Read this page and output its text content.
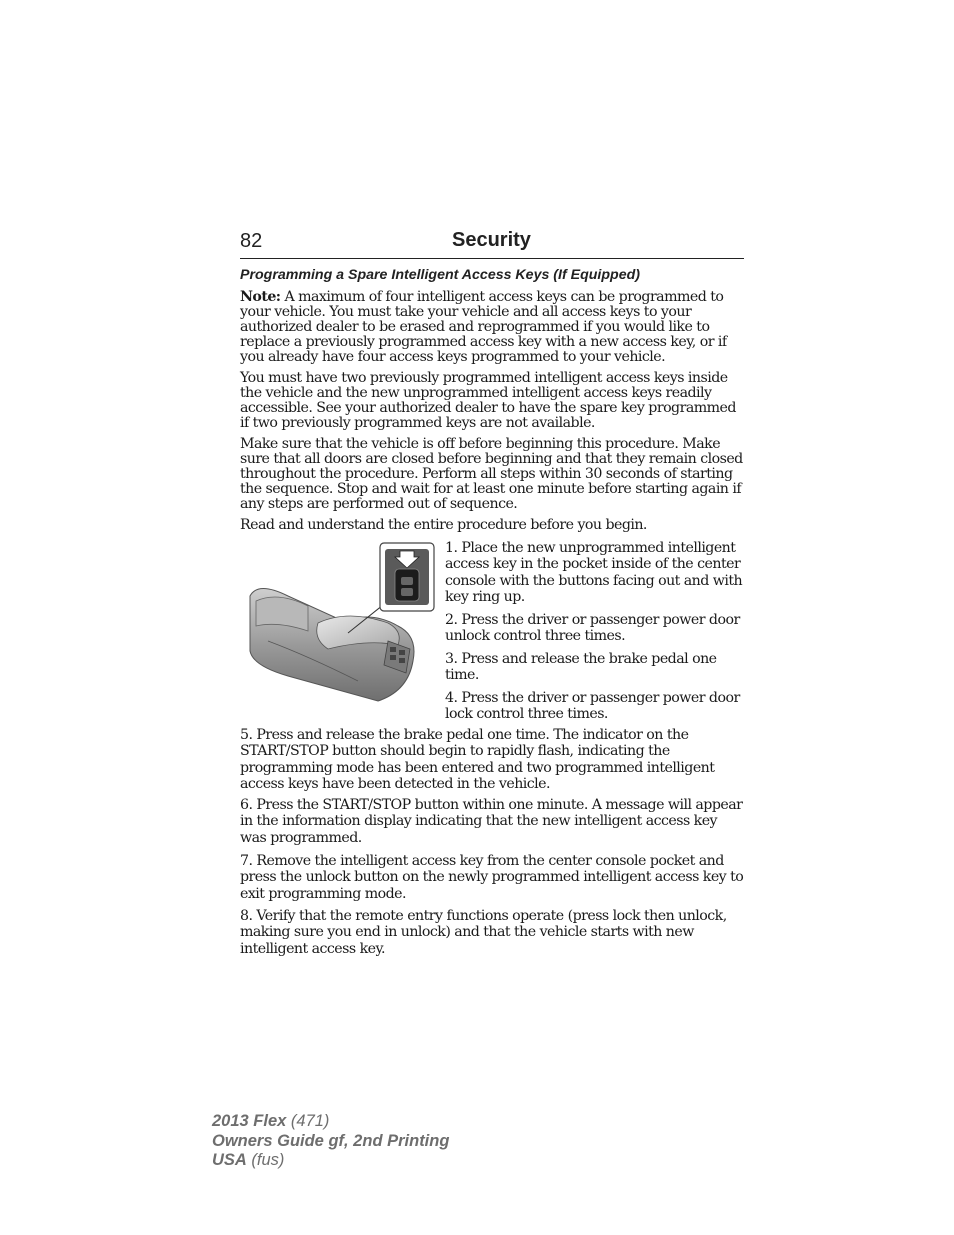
82	Security
Programming a Spare Intelligent Access Keys (If Equipped)

Note: A maximum of four intelligent access keys can be programmed to your vehicle. You must take your vehicle and all access keys to your authorized dealer to be erased and reprogrammed if you would like to replace a previously programmed access key with a new access key, or if you already have four access keys programmed to your vehicle.

You must have two previously programmed intelligent access keys inside the vehicle and the new unprogrammed intelligent access keys readily accessible. See your authorized dealer to have the spare key programmed if two previously programmed keys are not available.

Make sure that the vehicle is off before beginning this procedure. Make sure that all doors are closed before beginning and that they remain closed throughout the procedure. Perform all steps within 30 seconds of starting the sequence. Stop and wait for at least one minute before starting again if any steps are performed out of sequence.

Read and understand the entire procedure before you begin.

1. Place the new unprogrammed intelligent access key in the pocket inside of the center console with the buttons facing out and with key ring up.

2. Press the driver or passenger power door unlock control three times.

3. Press and release the brake pedal one time.

4. Press the driver or passenger power door lock control three times.

5. Press and release the brake pedal one time. The indicator on the START/STOP button should begin to rapidly flash, indicating the programming mode has been entered and two programmed intelligent access keys have been detected in the vehicle.

6. Press the START/STOP button within one minute. A message will appear in the information display indicating that the new intelligent access key was programmed.

7. Remove the intelligent access key from the center console pocket and press the unlock button on the newly programmed intelligent access key to exit programming mode.

8. Verify that the remote entry functions operate (press lock then unlock, making sure you end in unlock) and that the vehicle starts with new intelligent access key.

2013 Flex (471)
Owners Guide gf, 2nd Printing
USA (fus)
